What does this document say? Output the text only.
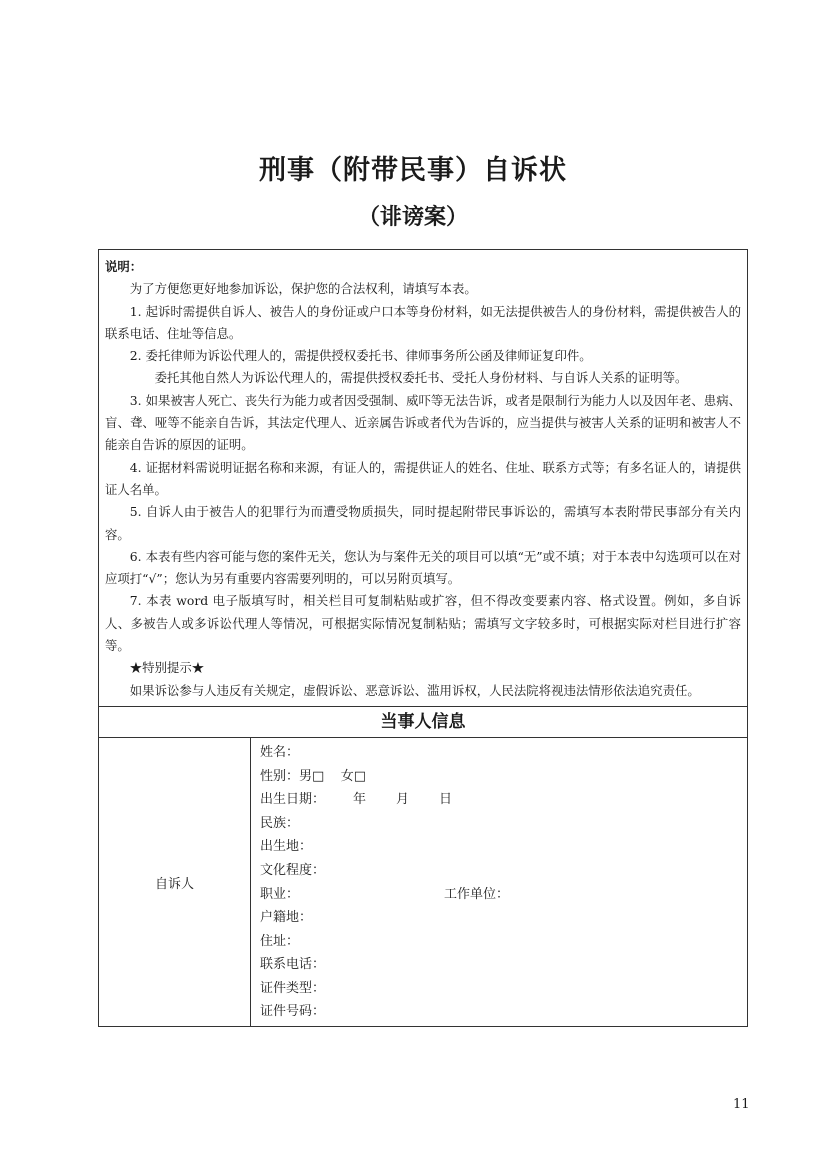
刑事（附带民事）自诉状
（诽谤案）
说明：

为了方便您更好地参加诉讼，保护您的合法权利，请填写本表。

1. 起诉时需提供自诉人、被告人的身份证或户口本等身份材料，如无法提供被告人的身份材料，需提供被告人的联系电话、住址等信息。

2. 委托律师为诉讼代理人的，需提供授权委托书、律师事务所公函及律师证复印件。

委托其他自然人为诉讼代理人的，需提供授权委托书、受托人身份材料、与自诉人关系的证明等。

3. 如果被害人死亡、丧失行为能力或者因受强制、威吓等无法告诉，或者是限制行为能力人以及因年老、患病、盲、聋、哑等不能亲自告诉，其法定代理人、近亲属告诉或者代为告诉的，应当提供与被害人关系的证明和被害人不能亲自告诉的原因的证明。

4. 证据材料需说明证据名称和来源，有证人的，需提供证人的姓名、住址、联系方式等；有多名证人的，请提供证人名单。

5. 自诉人由于被告人的犯罪行为而遭受物质损失，同时提起附带民事诉讼的，需填写本表附带民事部分有关内容。

6. 本表有些内容可能与您的案件无关，您认为与案件无关的项目可以填“无”或不填；对于本表中勾选项可以在对应项打“√”；您认为另有重要内容需要列明的，可以另附页填写。

7. 本表 word 电子版填写时，相关栏目可复制粘贴或扩容，但不得改变要素内容、格式设置。例如，多自诉人、多被告人或多诉讼代理人等情况，可根据实际情况复制粘贴；需填写文字较多时，可根据实际对栏目进行扩容等。

★特别提示★

如果诉讼参与人违反有关规定，虚假诉讼、恶意诉讼、滥用诉权，人民法院将视违法情形依法追究责任。

当事人信息
自诉人
姓名：
性别：男□    女□
出生日期： 年 月 日
民族：
出生地：
文化程度：
职业：	工作单位：
户籍地：
住址：
联系电话：
证件类型：
证件号码：
11
